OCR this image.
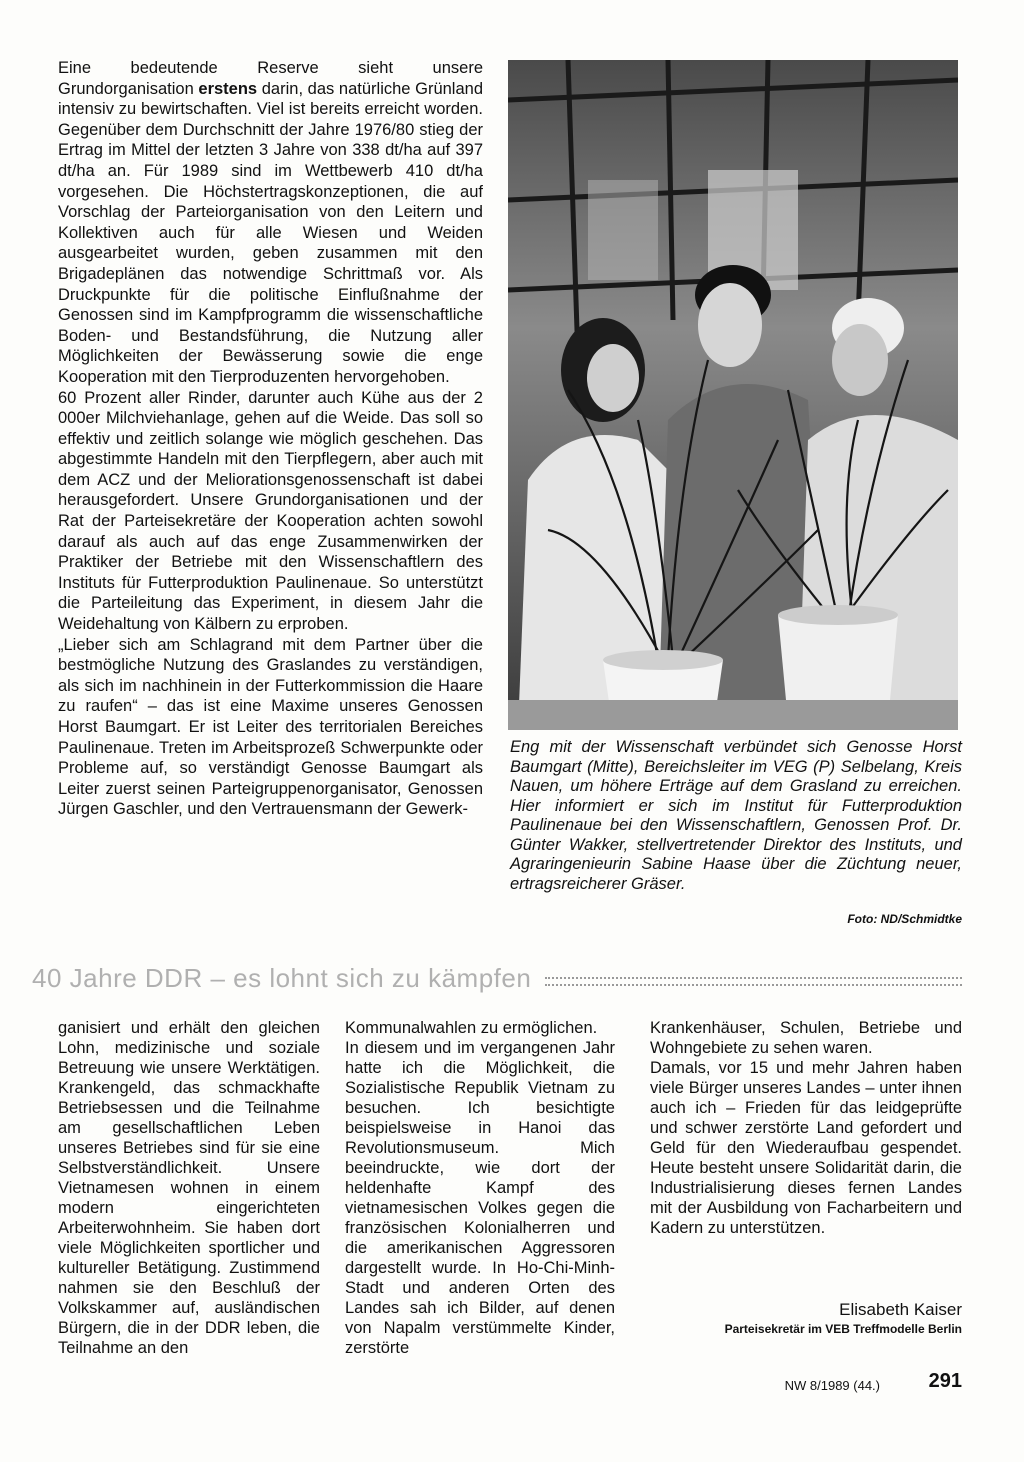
Eine bedeutende Reserve sieht unsere Grundorganisation erstens darin, das natürliche Grünland intensiv zu bewirtschaften. Viel ist bereits erreicht worden. Gegenüber dem Durchschnitt der Jahre 1976/80 stieg der Ertrag im Mittel der letzten 3 Jahre von 338 dt/ha auf 397 dt/ha an. Für 1989 sind im Wettbewerb 410 dt/ha vorgesehen. Die Höchstertragskonzeptionen, die auf Vorschlag der Parteiorganisation von den Leitern und Kollektiven auch für alle Wiesen und Weiden ausgearbeitet wurden, geben zusammen mit den Brigadeplänen das notwendige Schrittmaß vor. Als Druckpunkte für die politische Einflußnahme der Genossen sind im Kampfprogramm die wissenschaftliche Boden- und Bestandsführung, die Nutzung aller Möglichkeiten der Bewässerung sowie die enge Kooperation mit den Tierproduzenten hervorgehoben.

60 Prozent aller Rinder, darunter auch Kühe aus der 2 000er Milchviehanlage, gehen auf die Weide. Das soll so effektiv und zeitlich solange wie möglich geschehen. Das abgestimmte Handeln mit den Tierpflegern, aber auch mit dem ACZ und der Meliorationsgenossenschaft ist dabei herausgefordert. Unsere Grundorganisationen und der Rat der Parteisekretäre der Kooperation achten sowohl darauf als auch auf das enge Zusammenwirken der Praktiker der Betriebe mit den Wissenschaftlern des Instituts für Futterproduktion Paulinenaue. So unterstützt die Parteileitung das Experiment, in diesem Jahr die Weidehaltung von Kälbern zu erproben.

„Lieber sich am Schlagrand mit dem Partner über die bestmögliche Nutzung des Graslandes zu verständigen, als sich im nachhinein in der Futterkommission die Haare zu raufen“ – das ist eine Maxime unseres Genossen Horst Baumgart. Er ist Leiter des territorialen Bereiches Paulinenaue. Treten im Arbeitsprozeß Schwerpunkte oder Probleme auf, so verständigt Genosse Baumgart als Leiter zuerst seinen Parteigruppenorganisator, Genossen Jürgen Gaschler, und den Vertrauensmann der Gewerk-

Eng mit der Wissenschaft verbündet sich Genosse Horst Baumgart (Mitte), Bereichsleiter im VEG (P) Selbelang, Kreis Nauen, um höhere Erträge auf dem Grasland zu erreichen. Hier informiert er sich im Institut für Futterproduktion Paulinenaue bei den Wissenschaftlern, Genossen Prof. Dr. Günter Wakker, stellvertretender Direktor des Instituts, und Agraringenieurin Sabine Haase über die Züchtung neuer, ertragsreicherer Gräser.
Foto: ND/Schmidtke
40 Jahre DDR – es lohnt sich zu kämpfen

ganisiert und erhält den gleichen Lohn, medizinische und soziale Betreuung wie unsere Werktätigen. Krankengeld, das schmackhafte Betriebsessen und die Teilnahme am gesellschaftlichen Leben unseres Betriebes sind für sie eine Selbstverständlichkeit. Unsere Vietnamesen wohnen in einem modern eingerichteten Arbeiterwohnheim. Sie haben dort viele Möglichkeiten sportlicher und kultureller Betätigung. Zustimmend nahmen sie den Beschluß der Volkskammer auf, ausländischen Bürgern, die in der DDR leben, die Teilnahme an den

Kommunalwahlen zu ermöglichen.

In diesem und im vergangenen Jahr hatte ich die Möglichkeit, die Sozialistische Republik Vietnam zu besuchen. Ich besichtigte beispielsweise in Hanoi das Revolutionsmuseum. Mich beeindruckte, wie dort der heldenhafte Kampf des vietnamesischen Volkes gegen die französischen Kolonialherren und die amerikanischen Aggressoren dargestellt wurde. In Ho-Chi-Minh-Stadt und anderen Orten des Landes sah ich Bilder, auf denen von Napalm verstümmelte Kinder, zerstörte

Krankenhäuser, Schulen, Betriebe und Wohngebiete zu sehen waren.

Damals, vor 15 und mehr Jahren haben viele Bürger unseres Landes – unter ihnen auch ich – Frieden für das leidgeprüfte und schwer zerstörte Land gefordert und Geld für den Wiederaufbau gespendet. Heute besteht unsere Solidarität darin, die Industrialisierung dieses fernen Landes mit der Ausbildung von Facharbeitern und Kadern zu unterstützen.

Elisabeth Kaiser
Parteisekretär im VEB Treffmodelle Berlin
NW 8/1989 (44.)	291
